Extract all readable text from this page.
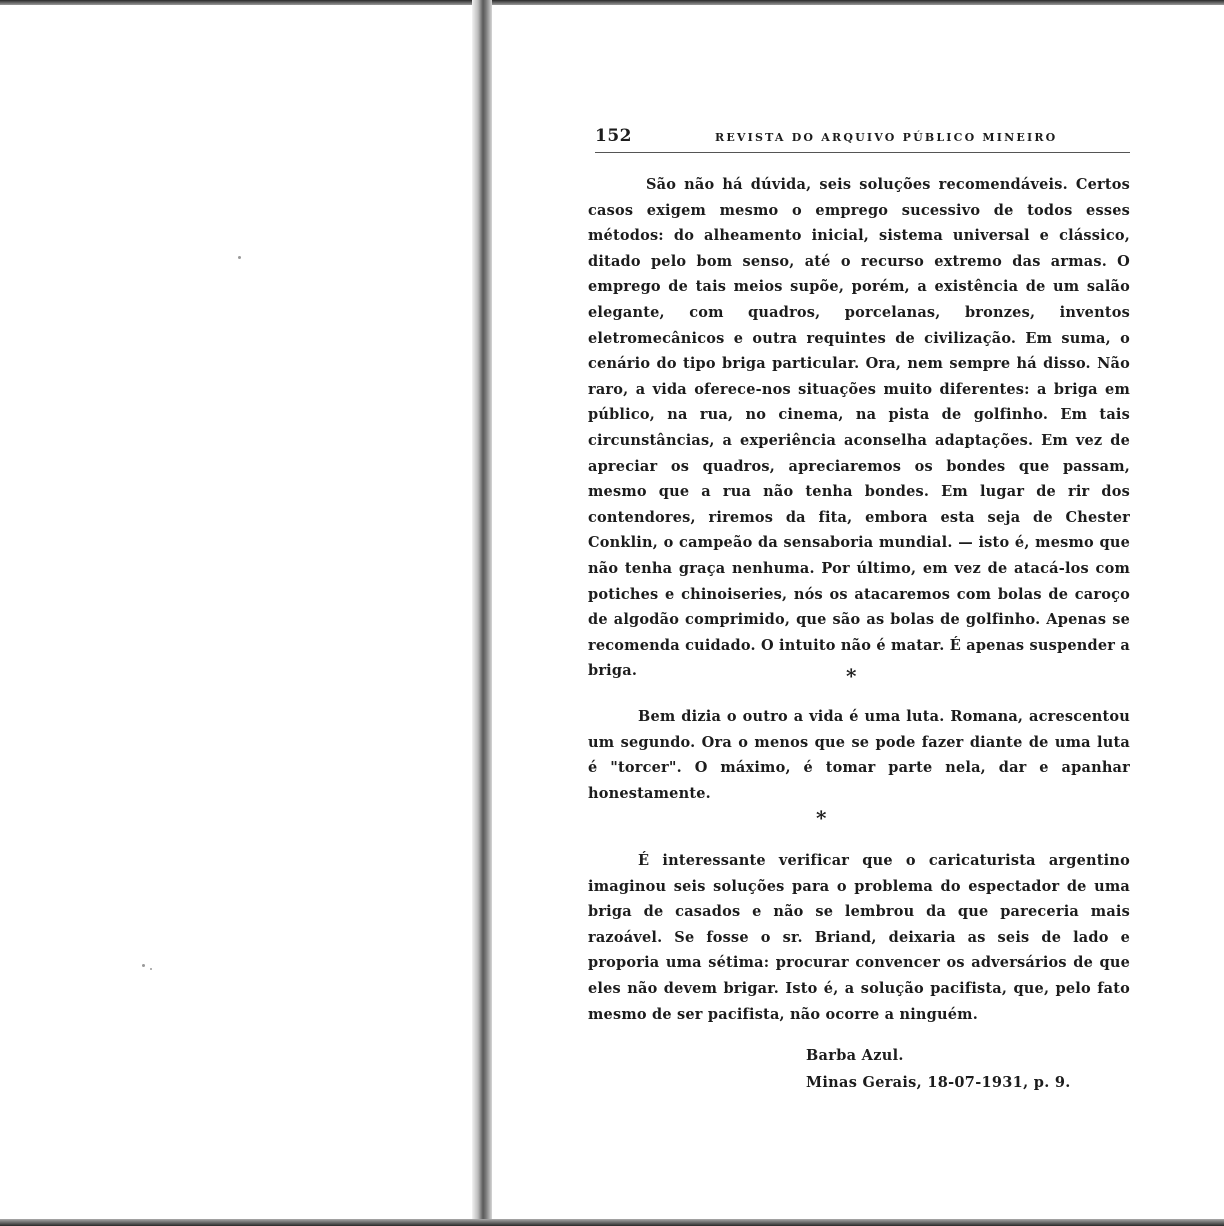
152	REVISTA DO ARQUIVO PÚBLICO MINEIRO

São não há dúvida, seis soluções recomendáveis. Certos casos exigem mesmo o emprego sucessivo de todos esses métodos: do alheamento inicial, sistema universal e clássico, ditado pelo bom senso, até o recurso extremo das armas. O emprego de tais meios supõe, porém, a existência de um salão elegante, com quadros, porcelanas, bronzes, inventos eletromecânicos e outra requintes de civilização. Em suma, o cenário do tipo briga particular. Ora, nem sempre há disso. Não raro, a vida oferece-nos situações muito diferentes: a briga em público, na rua, no cinema, na pista de golfinho. Em tais circunstâncias, a experiência aconselha adaptações. Em vez de apreciar os quadros, apreciaremos os bondes que passam, mesmo que a rua não tenha bondes. Em lugar de rir dos contendores, riremos da fita, embora esta seja de Chester Conklin, o campeão da sensaboria mundial. — isto é, mesmo que não tenha graça nenhuma. Por último, em vez de atacá-los com potiches e chinoiseries, nós os atacaremos com bolas de caroço de algodão comprimido, que são as bolas de golfinho. Apenas se recomenda cuidado. O intuito não é matar. É apenas suspender a briga.	*

Bem dizia o outro a vida é uma luta. Romana, acrescentou um segundo. Ora o menos que se pode fazer diante de uma luta é "torcer". O máximo, é tomar parte nela, dar e apanhar honestamente.

*

É interessante verificar que o caricaturista argentino imaginou seis soluções para o problema do espectador de uma briga de casados e não se lembrou da que pareceria mais razoável. Se fosse o sr. Briand, deixaria as seis de lado e proporia uma sétima: procurar convencer os adversários de que eles não devem brigar. Isto é, a solução pacifista, que, pelo fato mesmo de ser pacifista, não ocorre a ninguém.

Barba Azul.
Minas Gerais, 18-07-1931, p. 9.
